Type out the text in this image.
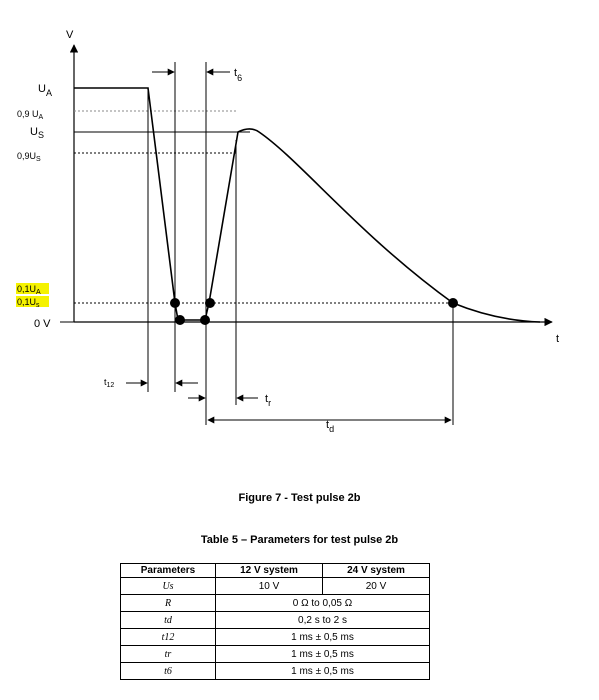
V
t
$U_A$
0,9 $U_A$
$U_S$
$0,9U_S$
$0,1U_A$
$0,1U_s$
0 V
$t_6$
$t_{12}$
$t_r$
$t_d$
Figure 7 - Test pulse 2b
Table 5 – Parameters for test pulse 2b
Parameters	12 V system	24 V system
Us	10 V	20 V
R	0 Ω to 0,05 Ω	
td	0,2 s to 2 s	
t12	1 ms ± 0,5 ms	
tr	1 ms ± 0,5 ms	
t6	1 ms ± 0,5 ms	
